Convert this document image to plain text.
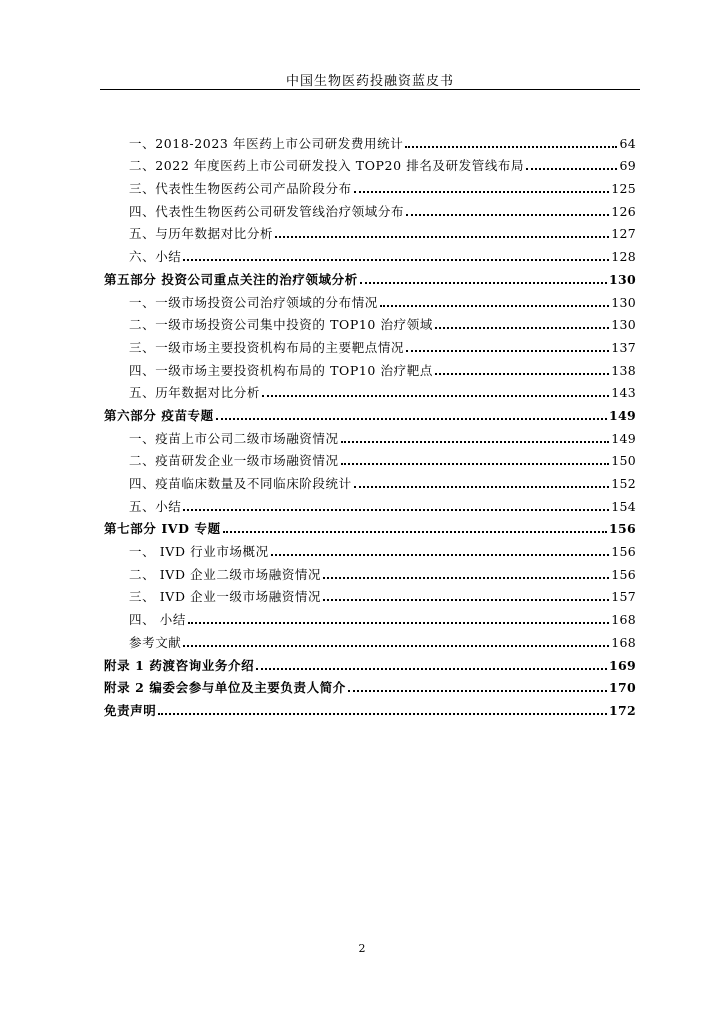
中国生物医药投融资蓝皮书
一、2018-2023 年医药上市公司研发费用统计	64
二、2022 年度医药上市公司研发投入 TOP20 排名及研发管线布局	69
三、代表性生物医药公司产品阶段分布	125
四、代表性生物医药公司研发管线治疗领域分布	126
五、与历年数据对比分析	127
六、小结	128
第五部分 投资公司重点关注的治疗领域分析	130
一、一级市场投资公司治疗领域的分布情况	130
二、一级市场投资公司集中投资的 TOP10 治疗领域	130
三、一级市场主要投资机构布局的主要靶点情况	137
四、一级市场主要投资机构布局的 TOP10 治疗靶点	138
五、历年数据对比分析	143
第六部分 疫苗专题	149
一、疫苗上市公司二级市场融资情况	149
二、疫苗研发企业一级市场融资情况	150
四、疫苗临床数量及不同临床阶段统计	152
五、小结	154
第七部分 IVD 专题	156
一、 IVD 行业市场概况	156
二、 IVD 企业二级市场融资情况	156
三、 IVD 企业一级市场融资情况	157
四、 小结	168
参考文献	168
附录 1 药渡咨询业务介绍	169
附录 2 编委会参与单位及主要负责人简介	170
免责声明	172
2
